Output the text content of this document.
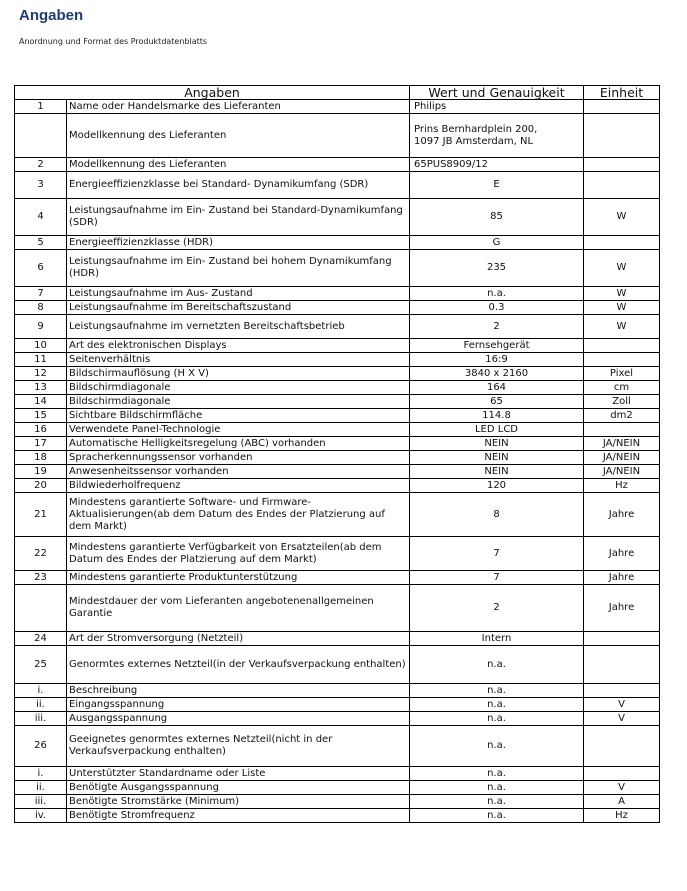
Angaben
Anordnung und Format des Produktdatenblatts
Angaben		Wert und Genauigkeit	Einheit
1	Name oder Handelsmarke des Lieferanten	Philips	
	Modellkennung des Lieferanten	Prins Bernhardplein 200,
1097 JB Amsterdam, NL	
2	Modellkennung des Lieferanten	65PUS8909/12	
3	Energieeffizienzklasse bei Standard- Dynamikumfang (SDR)	E	
4	Leistungsaufnahme im Ein- Zustand bei Standard-Dynamikumfang (SDR)	85	W
5	Energieeffizienzklasse (HDR)	G	
6	Leistungsaufnahme im Ein- Zustand bei hohem Dynamikumfang (HDR)	235	W
7	Leistungsaufnahme im Aus- Zustand	n.a.	W
8	Leistungsaufnahme im Bereitschaftszustand	0.3	W
9	Leistungsaufnahme im vernetzten Bereitschaftsbetrieb	2	W
10	Art des elektronischen Displays	Fernsehgerät	
11	Seitenverhältnis	16:9	
12	Bildschirmauflösung (H X V)	3840 x 2160	Pixel
13	Bildschirmdiagonale	164	cm
14	Bildschirmdiagonale	65	Zoll
15	Sichtbare Bildschirmfläche	114.8	dm2
16	Verwendete Panel-Technologie	LED LCD	
17	Automatische Helligkeitsregelung (ABC) vorhanden	NEIN	JA/NEIN
18	Spracherkennungssensor vorhanden	NEIN	JA/NEIN
19	Anwesenheitssensor vorhanden	NEIN	JA/NEIN
20	Bildwiederholfrequenz	120	Hz
21	Mindestens garantierte Software- und Firmware-Aktualisierungen(ab dem Datum des Endes der Platzierung auf dem Markt)	8	Jahre
22	Mindestens garantierte Verfügbarkeit von Ersatzteilen(ab dem Datum des Endes der Platzierung auf dem Markt)	7	Jahre
23	Mindestens garantierte Produktunterstützung	7	Jahre
	Mindestdauer der vom Lieferanten angebotenenallgemeinen Garantie	2	Jahre
24	Art der Stromversorgung (Netzteil)	Intern	
25	Genormtes externes Netzteil(in der Verkaufsverpackung enthalten)	n.a.	
i.	Beschreibung	n.a.	
ii.	Eingangsspannung	n.a.	V
iii.	Ausgangsspannung	n.a.	V
26	Geeignetes genormtes externes Netzteil(nicht in der Verkaufsverpackung enthalten)	n.a.	
i.	Unterstützter Standardname oder Liste	n.a.	
ii.	Benötigte Ausgangsspannung	n.a.	V
iii.	Benötigte Stromstärke (Minimum)	n.a.	A
iv.	Benötigte Stromfrequenz	n.a.	Hz
